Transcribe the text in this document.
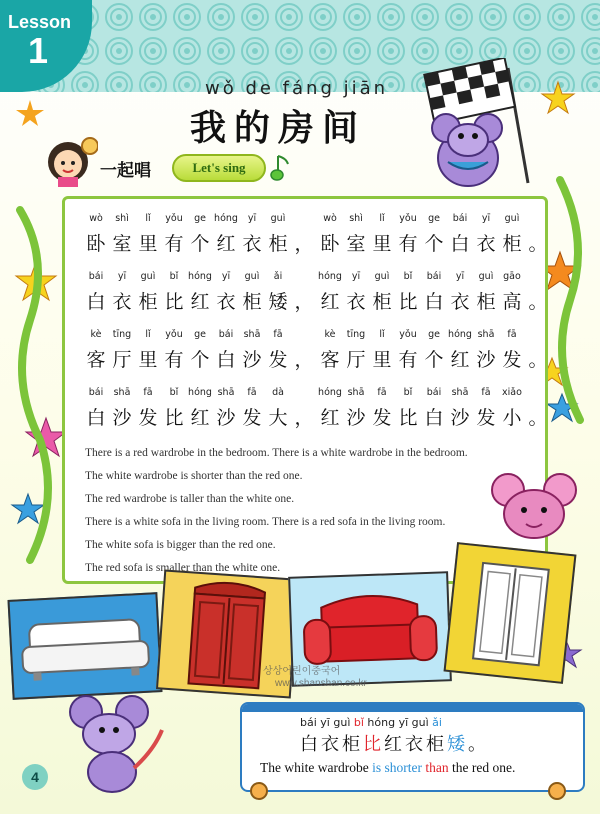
Lesson
1
wǒ de fáng jiān
我的房间
一起唱	Let's sing
wò	shì	lǐ	yǒu	ge hóng	yī	guì	wò	shì	lǐ	yǒu	ge	bái	yī	guì
卧 室 里 有 个 红 衣 柜 ， 卧 室 里 有 个 白 衣 柜 。
bái	yī	guì	bǐ	hóng	yī	guì	ǎi	hóng	yī	guì	bǐ	bái	yī	guì	gāo
白 衣 柜 比 红 衣 柜 矮 ， 红 衣 柜 比 白 衣 柜 高 。
kè	tīng	lǐ	yǒu	ge	bái	shā	fā	kè	tīng	lǐ	yǒu	ge hóng shā	fā
客 厅 里 有 个 白 沙 发 ， 客 厅 里 有 个 红 沙 发 。
bái	shā	fā	bǐ	hóng shā	fā	dà	hóng shā	fā	bǐ	bái	shā	fā	xiǎo
白 沙 发 比 红 沙 发 大 ， 红 沙 发 比 白 沙 发 小 。
There is a red wardrobe in the bedroom. There is a white wardrobe in the bedroom.
The white wardrobe is shorter than the red one.
The red wardrobe is taller than the white one.
There is a white sofa in the living room. There is a red sofa in the living room.
The white sofa is bigger than the red one.
The red sofa is smaller than the white one.
상상어린이중국어
www.shanshan.co.kr
bái yī guì bǐ hóng yī guì ǎi
白衣柜比红衣柜矮。
The white wardrobe is shorter than the red one.
4
